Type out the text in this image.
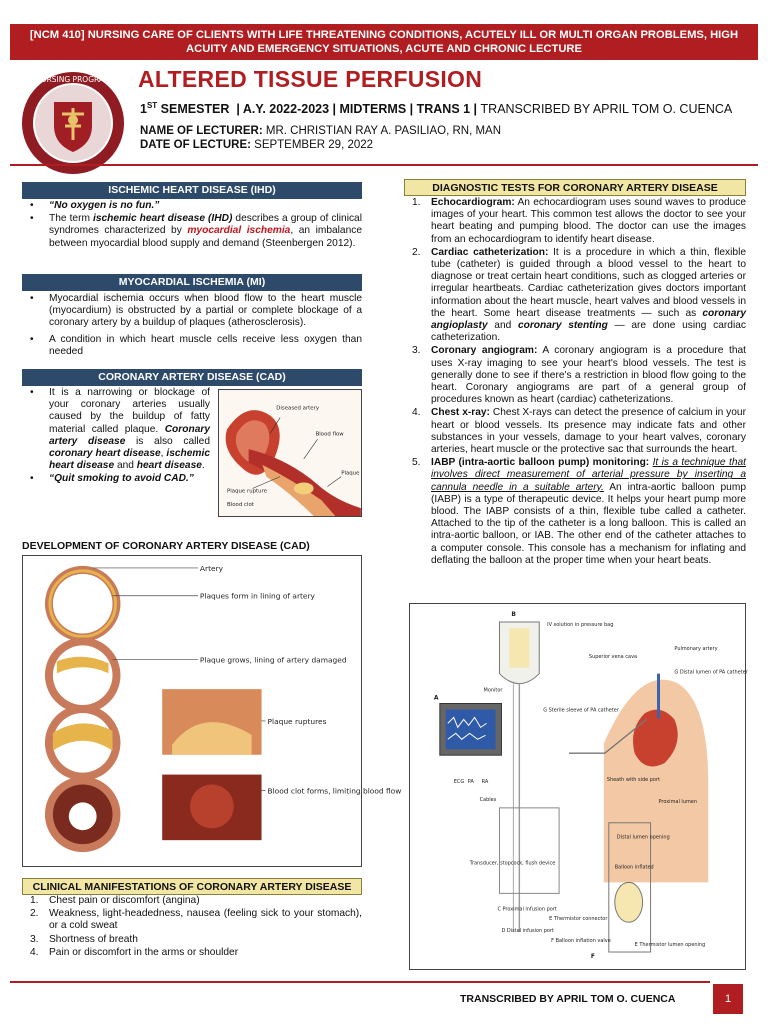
[NCM 410] NURSING CARE OF CLIENTS WITH LIFE THREATENING CONDITIONS, ACUTELY ILL OR MULTI ORGAN PROBLEMS, HIGH ACUITY AND EMERGENCY SITUATIONS, ACUTE AND CHRONIC LECTURE
NURSING PROGRAM ALTERED TISSUE PERFUSION
1ST SEMESTER  | A.Y. 2022-2023 | MIDTERMS | TRANS 1 | TRANSCRIBED BY APRIL TOM O. CUENCA
NAME OF LECTURER: MR. CHRISTIAN RAY A. PASILIAO, RN, MAN
DATE OF LECTURE: SEPTEMBER 29, 2022
ISCHEMIC HEART DISEASE (IHD)
• “No oxygen is no fun.”
• The term ischemic heart disease (IHD) describes a group of clinical syndromes characterized by myocardial ischemia, an imbalance between myocardial blood supply and demand (Steenbergen 2012).
MYOCARDIAL ISCHEMIA (MI)
• Myocardial ischemia occurs when blood flow to the heart muscle (myocardium) is obstructed by a partial or complete blockage of a coronary artery by a buildup of plaques (atherosclerosis).
• A condition in which heart muscle cells receive less oxygen than needed
CORONARY ARTERY DISEASE (CAD)
• It is a narrowing or blockage of your coronary arteries usually caused by the buildup of fatty material called plaque. Coronary artery disease is also called coronary heart disease, ischemic heart disease and heart disease.
• “Quit smoking to avoid CAD.”
Diseased artery
Blood flow
Plaque rupture
Blood clot
Plaque
DEVELOPMENT OF CORONARY ARTERY DISEASE (CAD)
Artery
Plaques form in lining of artery
Plaque grows, lining of artery damaged
Plaque ruptures
Blood clot forms, limiting blood flow
CLINICAL MANIFESTATIONS OF CORONARY ARTERY DISEASE
1. Chest pain or discomfort (angina)
2. Weakness, light-headedness, nausea (feeling sick to your stomach), or a cold sweat
3. Shortness of breath
4. Pain or discomfort in the arms or shoulder
DIAGNOSTIC TESTS FOR CORONARY ARTERY DISEASE
1. Echocardiogram: An echocardiogram uses sound waves to produce images of your heart. This common test allows the doctor to see your heart beating and pumping blood. The doctor can use the images from an echocardiogram to identify heart disease.
2. Cardiac catheterization: It is a procedure in which a thin, flexible tube (catheter) is guided through a blood vessel to the heart to diagnose or treat certain heart conditions, such as clogged arteries or irregular heartbeats. Cardiac catheterization gives doctors important information about the heart muscle, heart valves and blood vessels in the heart. Some heart disease treatments — such as coronary angioplasty and coronary stenting — are done using cardiac catheterization.
3. Coronary angiogram: A coronary angiogram is a procedure that uses X-ray imaging to see your heart's blood vessels. The test is generally done to see if there's a restriction in blood flow going to the heart. Coronary angiograms are part of a general group of procedures known as heart (cardiac) catheterizations.
4. Chest x-ray: Chest X-rays can detect the presence of calcium in your heart or blood vessels. Its presence may indicate fats and other substances in your vessels, damage to your heart valves, coronary arteries, heart muscle or the protective sac that surrounds the heart.
5. IABP (intra-aortic balloon pump) monitoring: It is a technique that involves direct measurement of arterial pressure by inserting a cannula needle in a suitable artery. An intra-aortic balloon pump (IABP) is a type of therapeutic device. It helps your heart pump more blood. The IABP consists of a thin, flexible tube called a catheter. Attached to the tip of the catheter is a long balloon. This is called an intra-aortic balloon, or IAB. The other end of the catheter attaches to a computer console. This console has a mechanism for inflating and deflating the balloon at the proper time when your heart beats.
IV solution in pressure bag
Monitor
Superior vena cava
Pulmonary artery
G Distal lumen of PA catheter
G Sterile sleeve of PA catheter
ECG PA RA
Cables
Sheath with side port
Proximal lumen
Transducer, stopcock, flush device
C Proximal infusion port
E Thermistor connector
D Distal infusion port
F Balloon inflation valve
Distal lumen opening
Balloon inflated
E Thermistor lumen opening
A
B
F
TRANSCRIBED BY APRIL TOM O. CUENCA	1
